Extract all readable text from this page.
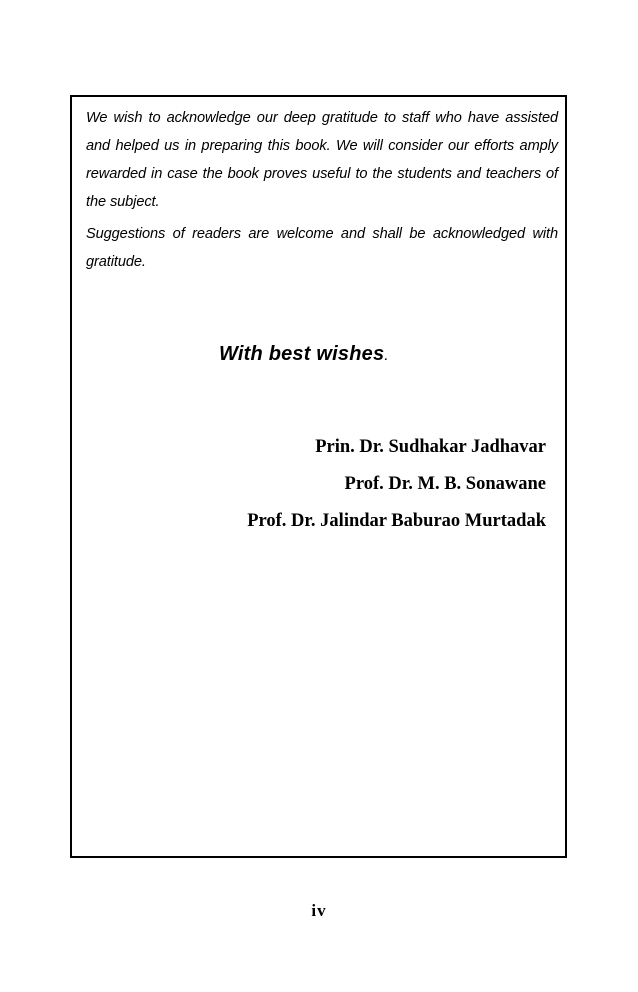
We wish to acknowledge our deep gratitude to staff who have assisted and helped us in preparing this book. We will consider our efforts amply rewarded in case the book proves useful to the students and teachers of the subject.

Suggestions of readers are welcome and shall be acknowledged with gratitude.

With best wishes.
Prin. Dr. Sudhakar Jadhavar
Prof. Dr. M. B. Sonawane
Prof. Dr. Jalindar Baburao Murtadak
iv
